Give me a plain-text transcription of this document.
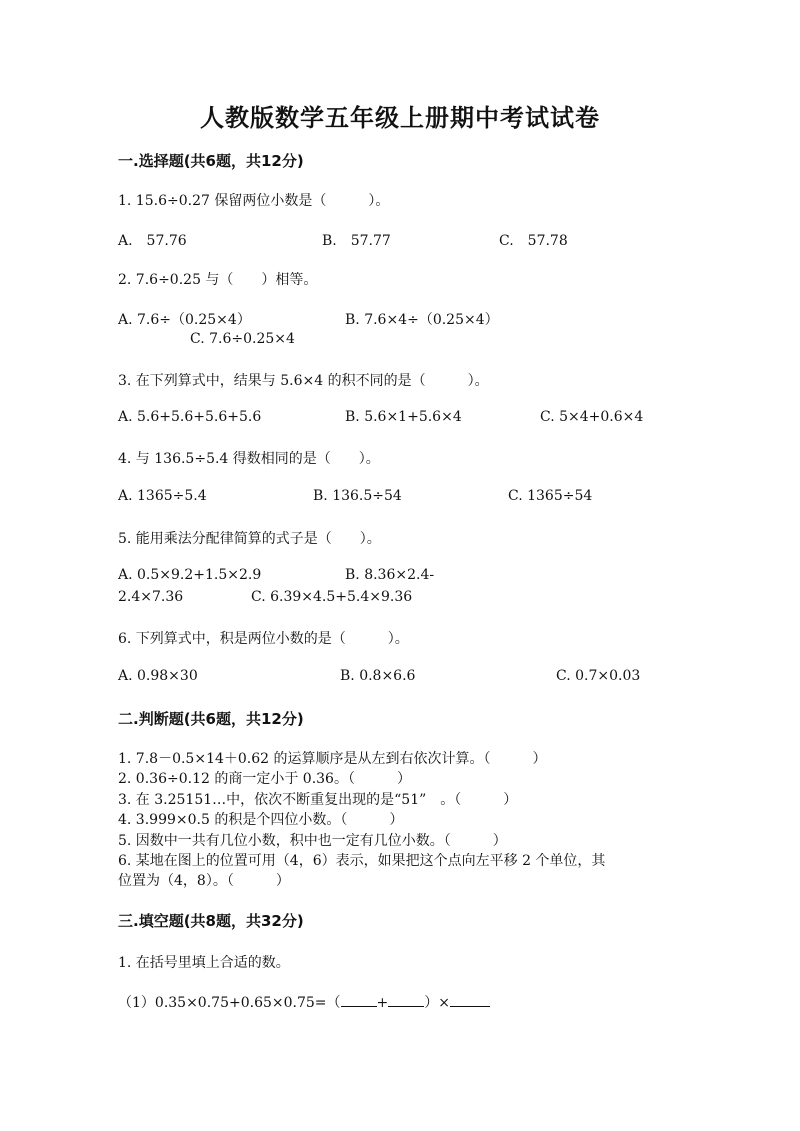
人教版数学五年级上册期中考试试卷
一.选择题(共6题，共12分)
1. 15.6÷0.27 保留两位小数是（　　　）。
A.　57.76	B.　57.77	C.　57.78
2. 7.6÷0.25 与（　　）相等。
A. 7.6÷（0.25×4）	B. 7.6×4÷（0.25×4）
C. 7.6÷0.25×4
3. 在下列算式中，结果与 5.6×4 的积不同的是（　　　）。
A. 5.6+5.6+5.6+5.6	B. 5.6×1+5.6×4	C. 5×4+0.6×4
4. 与 136.5÷5.4 得数相同的是（　　）。
A. 1365÷5.4	B. 136.5÷54	C. 1365÷54
5. 能用乘法分配律简算的式子是（　　）。
A. 0.5×9.2+1.5×2.9	B. 8.36×2.4-
2.4×7.36	C. 6.39×4.5+5.4×9.36
6. 下列算式中，积是两位小数的是（　　　）。
A. 0.98×30	B. 0.8×6.6	C. 0.7×0.03
二.判断题(共6题，共12分)
1. 7.8－0.5×14＋0.62 的运算顺序是从左到右依次计算。（　　　）
2. 0.36÷0.12 的商一定小于 0.36。（　　　）
3. 在 3.25151…中，依次不断重复出现的是“51”　。（　　　）
4. 3.999×0.5 的积是个四位小数。（　　　）
5. 因数中一共有几位小数，积中也一定有几位小数。（　　　）
6. 某地在图上的位置可用（4，6）表示，如果把这个点向左平移 2 个单位，其
位置为（4，8）。（　　　）
三.填空题(共8题，共32分)
1. 在括号里填上合适的数。
（1）0.35×0.75+0.65×0.75=（	+	）×
